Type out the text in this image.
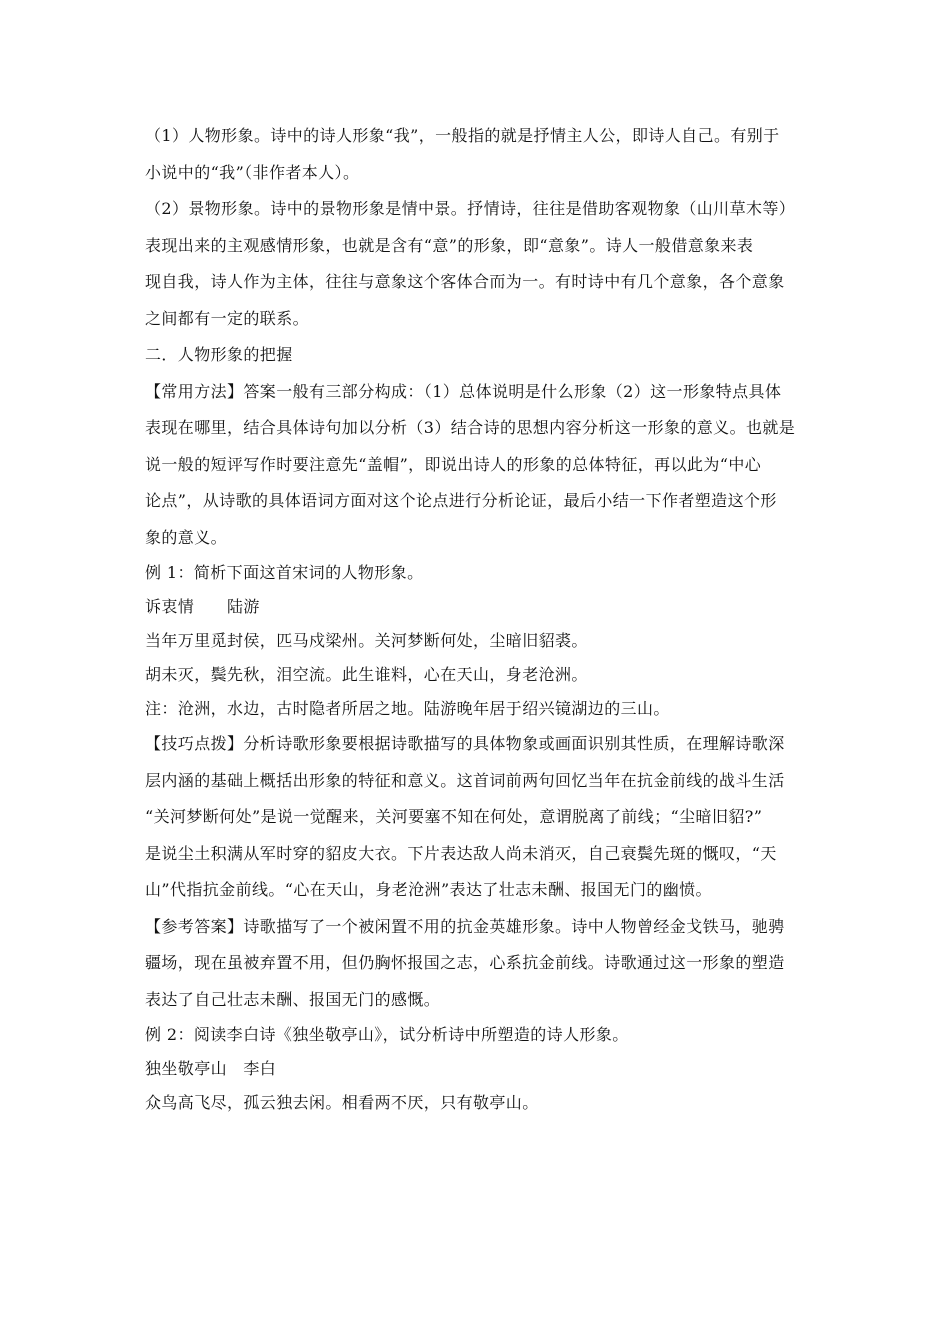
（1）人物形象。诗中的诗人形象“我”，一般指的就是抒情主人公，即诗人自己。有别于

小说中的“我”（非作者本人）。

（2）景物形象。诗中的景物形象是情中景。抒情诗，往往是借助客观物象（山川草木等）

表现出来的主观感情形象，也就是含有“意”的形象，即“意象”。诗人一般借意象来表

现自我，诗人作为主体，往往与意象这个客体合而为一。有时诗中有几个意象，各个意象

之间都有一定的联系。

二．人物形象的把握

【常用方法】答案一般有三部分构成：（1）总体说明是什么形象（2）这一形象特点具体

表现在哪里，结合具体诗句加以分析（3）结合诗的思想内容分析这一形象的意义。也就是

说一般的短评写作时要注意先“盖帽”，即说出诗人的形象的总体特征，再以此为“中心

论点”，从诗歌的具体语词方面对这个论点进行分析论证，最后小结一下作者塑造这个形

象的意义。

例 1：简析下面这首宋词的人物形象。

诉衷情　　陆游

当年万里觅封侯，匹马戍梁州。关河梦断何处，尘暗旧貂裘。

胡未灭，鬓先秋，泪空流。此生谁料，心在天山，身老沧洲。

注：沧洲，水边，古时隐者所居之地。陆游晚年居于绍兴镜湖边的三山。

【技巧点拨】分析诗歌形象要根据诗歌描写的具体物象或画面识别其性质，在理解诗歌深

层内涵的基础上概括出形象的特征和意义。这首词前两句回忆当年在抗金前线的战斗生活

“关河梦断何处”是说一觉醒来，关河要塞不知在何处，意谓脱离了前线；“尘暗旧貂?”

是说尘土积满从军时穿的貂皮大衣。下片表达敌人尚未消灭，自己衰鬓先斑的慨叹，“天

山”代指抗金前线。“心在天山，身老沧洲”表达了壮志未酬、报国无门的幽愤。

【参考答案】诗歌描写了一个被闲置不用的抗金英雄形象。诗中人物曾经金戈铁马，驰骋

疆场，现在虽被弃置不用，但仍胸怀报国之志，心系抗金前线。诗歌通过这一形象的塑造

表达了自己壮志未酬、报国无门的感慨。

例 2：阅读李白诗《独坐敬亭山》，试分析诗中所塑造的诗人形象。

独坐敬亭山　李白

众鸟高飞尽，孤云独去闲。相看两不厌，只有敬亭山。
